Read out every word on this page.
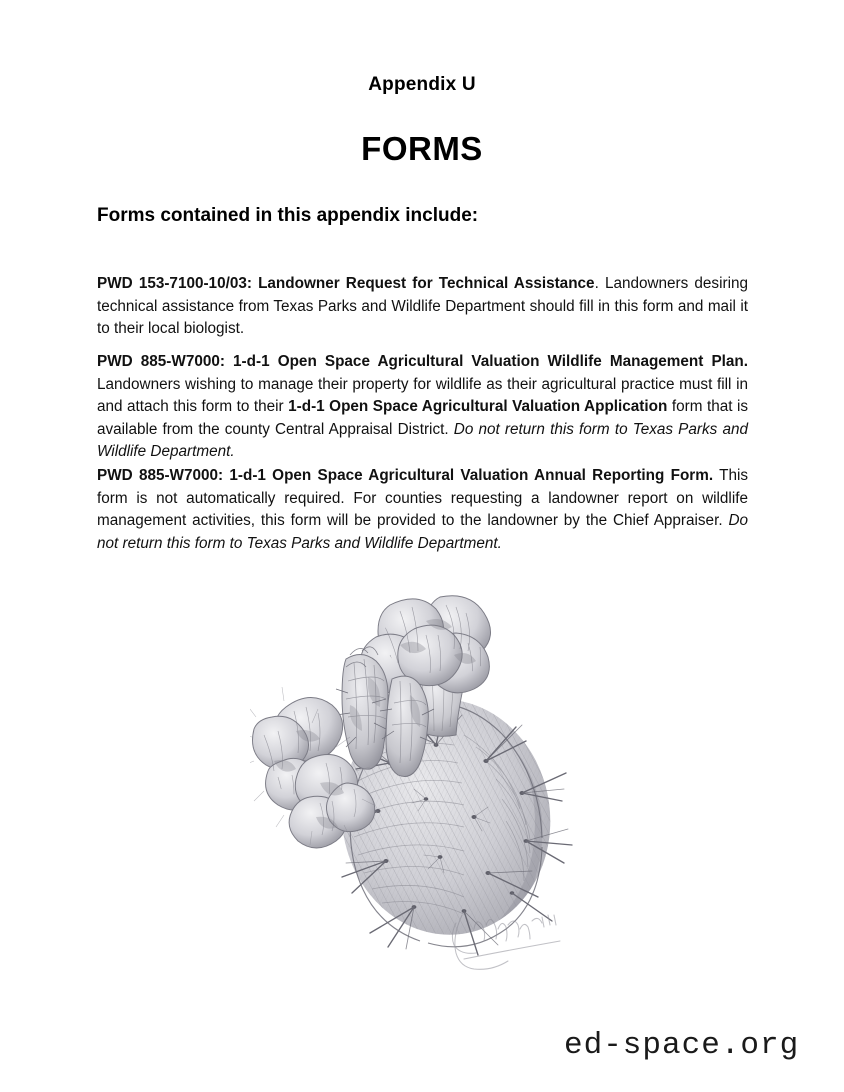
Appendix U
FORMS
Forms contained in this appendix include:

PWD 153-7100-10/03: Landowner Request for Technical Assistance. Landowners desiring technical assistance from Texas Parks and Wildlife Department should fill in this form and mail it to their local biologist.

PWD 885-W7000: 1-d-1 Open Space Agricultural Valuation Wildlife Management Plan. Landowners wishing to manage their property for wildlife as their agricultural practice must fill in and attach this form to their 1-d-1 Open Space Agricultural Valuation Application form that is available from the county Central Appraisal District. Do not return this form to Texas Parks and Wildlife Department.

PWD 885-W7000: 1-d-1 Open Space Agricultural Valuation Annual Reporting Form. This form is not automatically required. For counties requesting a landowner report on wildlife management activities, this form will be provided to the landowner by the Chief Appraiser. Do not return this form to Texas Parks and Wildlife Department.

ed-space.org
